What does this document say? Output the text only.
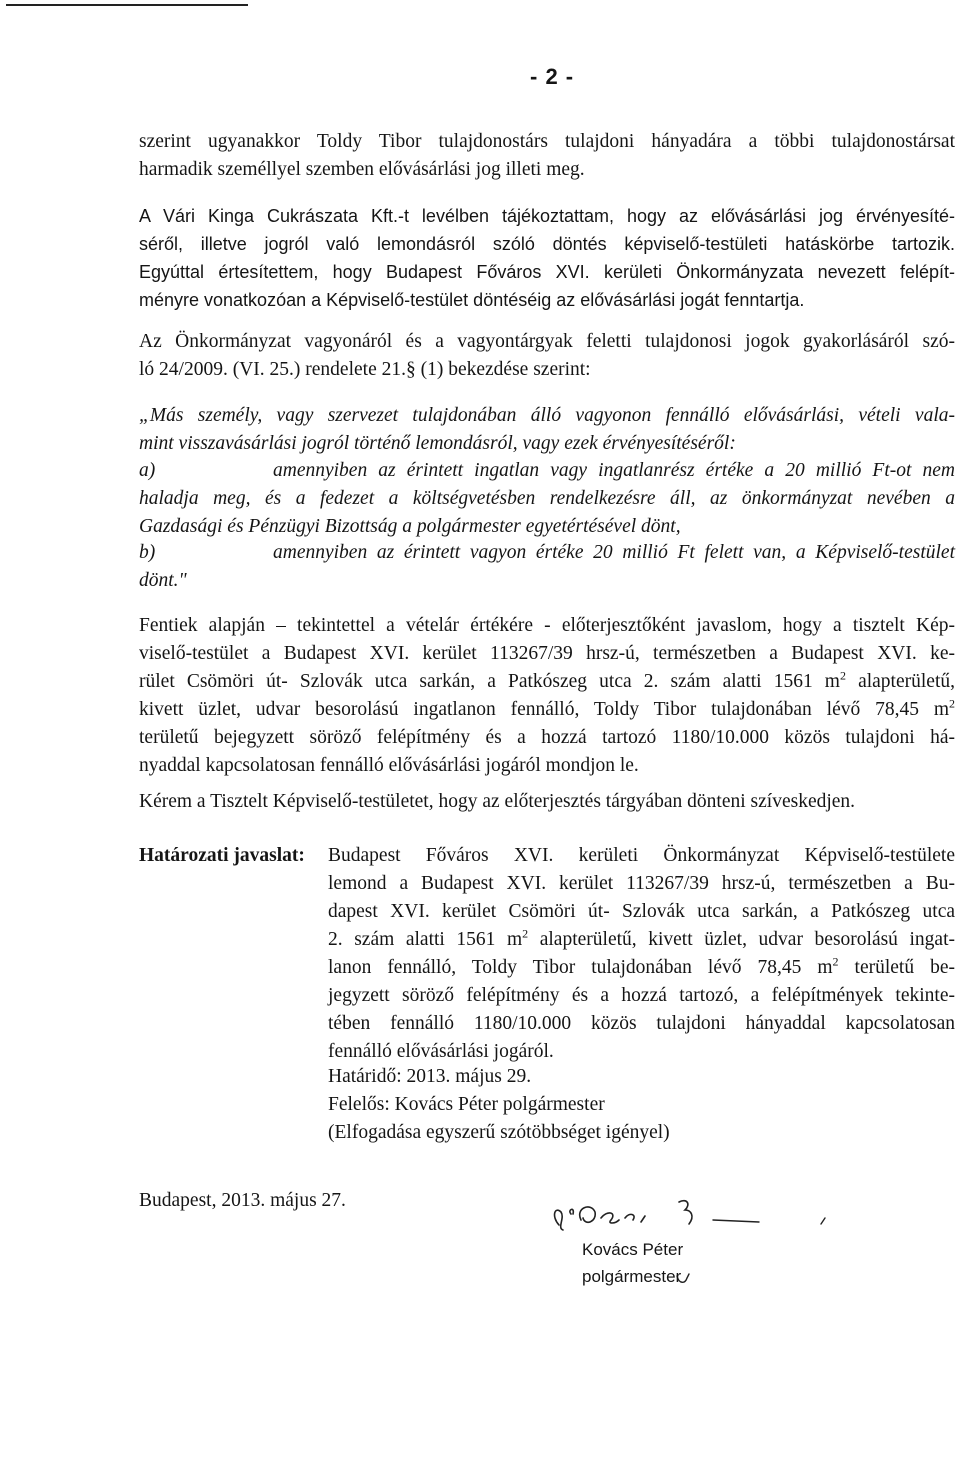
- 2 -
szerint ugyanakkor Toldy Tibor tulajdonostárs tulajdoni hányadára a többi tulajdonostársat
harmadik személlyel szemben elővásárlási jog illeti meg.
A Vári Kinga Cukrászata Kft.-t levélben tájékoztattam, hogy az elővásárlási jog érvényesíté-
séről, illetve jogról való lemondásról szóló döntés képviselő-testületi hatáskörbe tartozik.
Egyúttal értesítettem, hogy Budapest Főváros XVI. kerületi Önkormányzata nevezett felépít-
ményre vonatkozóan a Képviselő-testület döntéséig az elővásárlási jogát fenntartja.
Az Önkormányzat vagyonáról és a vagyontárgyak feletti tulajdonosi jogok gyakorlásáról szó-
ló 24/2009. (VI. 25.) rendelete 21.§ (1) bekezdése szerint:
„Más személy, vagy szervezet tulajdonában álló vagyonon fennálló elővásárlási, vételi vala-
mint visszavásárlási jogról történő lemondásról, vagy ezek érvényesítéséről:
a)	amennyiben az érintett ingatlan vagy ingatlanrész értéke a 20 millió Ft-ot nem
haladja meg, és a fedezet a költségvetésben rendelkezésre áll, az önkormányzat nevében a
Gazdasági és Pénzügyi Bizottság a polgármester egyetértésével dönt,
b)	amennyiben az érintett vagyon értéke 20 millió Ft felett van, a Képviselő-testület
dönt."
Fentiek alapján – tekintettel a vételár értékére - előterjesztőként javaslom, hogy a tisztelt Kép-
viselő-testület a Budapest XVI. kerület 113267/39 hrsz-ú, természetben a Budapest XVI. ke-
rület Csömöri út- Szlovák utca sarkán, a Patkószeg utca 2. szám alatti 1561 $m^2$ alapterületű,
kivett üzlet, udvar besorolású ingatlanon fennálló, Toldy Tibor tulajdonában lévő 78,45 $m^2$
területű bejegyzett söröző felépítmény és a hozzá tartozó 1180/10.000 közös tulajdoni há-
nyaddal kapcsolatosan fennálló elővásárlási jogáról mondjon le.
Kérem a Tisztelt Képviselő-testületet, hogy az előterjesztés tárgyában dönteni szíveskedjen.
Határozati javaslat: Budapest Főváros XVI. kerületi Önkormányzat Képviselő-testülete
lemond a Budapest XVI. kerület 113267/39 hrsz-ú, természetben a Bu-
dapest XVI. kerület Csömöri út- Szlovák utca sarkán, a Patkószeg utca
2. szám alatti 1561 $m^2$ alapterületű, kivett üzlet, udvar besorolású ingat-
lanon fennálló, Toldy Tibor tulajdonában lévő 78,45 $m^2$ területű be-
jegyzett söröző felépítmény és a hozzá tartozó, a felépítmények tekinte-
tében fennálló 1180/10.000 közös tulajdoni hányaddal kapcsolatosan
fennálló elővásárlási jogáról.
Határidő: 2013. május 29.
Felelős: Kovács Péter polgármester
(Elfogadása egyszerű szótöbbséget igényel)
Budapest, 2013. május 27.
Kovács Péter
polgármester
